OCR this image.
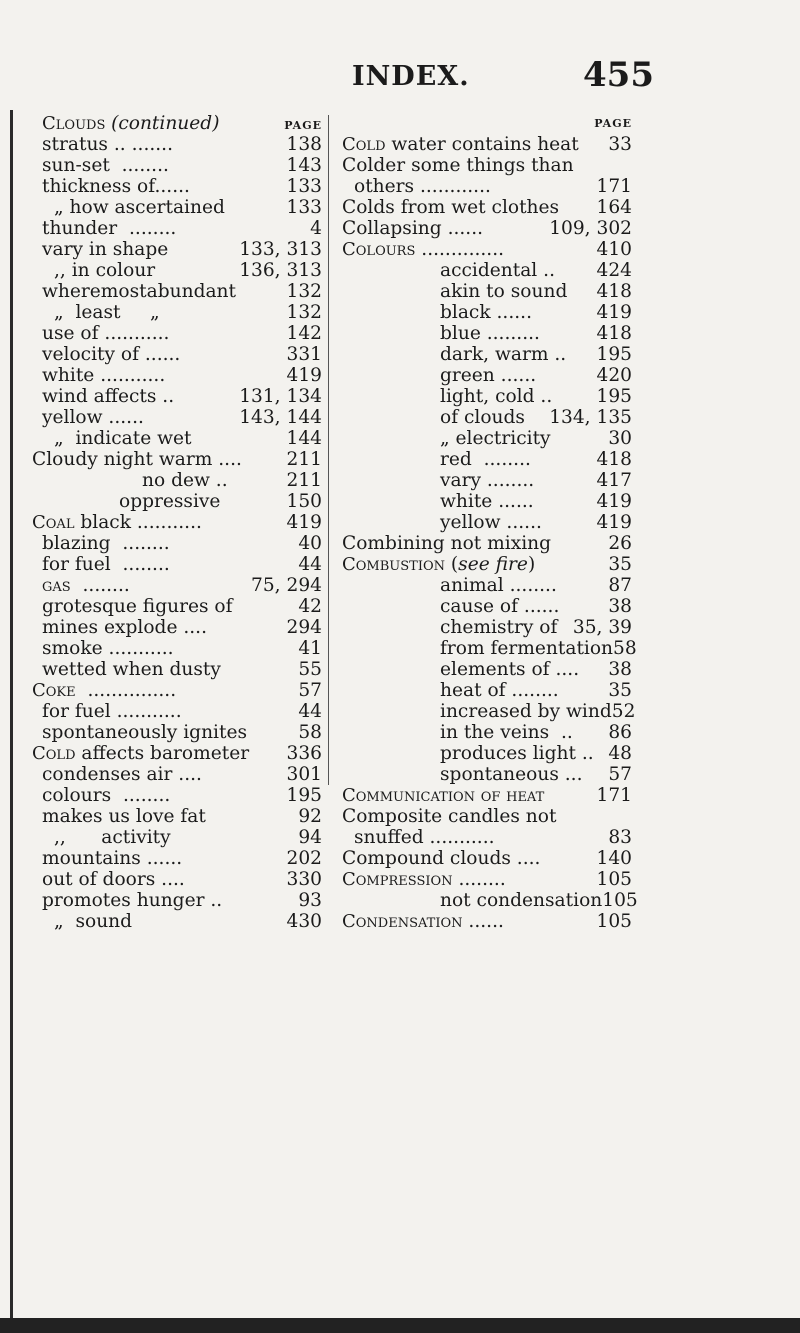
INDEX.	455
Clouds (continued)	PAGE
stratus .. .......	138
sun-set  ........	143
thickness of......	133
„ how ascertained	133
thunder  ........	4
vary in shape	133, 313
,, in colour	136, 313
wheremostabundant	132
„  least     „	132
use of ...........	142
velocity of ......	331
white ...........	419
wind affects ..	131, 134
yellow ......	143, 144
„  indicate wet	144
Cloudy night warm .... 211
no dew ..	211
oppressive	150
Coal black ...........	419
blazing  ........	40
for fuel  ........	44
gas  ........	75, 294
grotesque figures of	42
mines explode ....	294
smoke ...........	41
wetted when dusty	55
Coke  ...............	57
for fuel ...........	44
spontaneously ignites	58
Cold affects barometer 336
condenses air ....	301
colours  ........	195
makes us love fat	92
,,      activity	94
mountains ......	202
out of doors ....	330
promotes hunger ..	93
„  sound	430
PAGE
Cold water contains heat 33
Colder some things than
others ............	171
Colds from wet clothes 164
Collapsing ......	109, 302
Colours ..............	410
accidental .. 424
akin to sound 418
black ......	419
blue .........	418
dark, warm .. 195
green ......	420
light, cold .. 195
of clouds 134, 135
„ electricity	30
red  ........	418
vary ........	417
white ......	419
yellow ......	419
Combining not mixing	26
Combustion (see fire)	35
animal ........	87
cause of ......	38
chemistry of 35, 39
from fermentation 58
elements of .... 38
heat of ........	35
increased by wind 52
in the veins  .. 86
produces light .. 48
spontaneous ... 57
Communication of heat	171
Composite candles not
snuffed ...........	83
Compound clouds ....	140
Compression ........	105
not condensation 105
Condensation ......	105
